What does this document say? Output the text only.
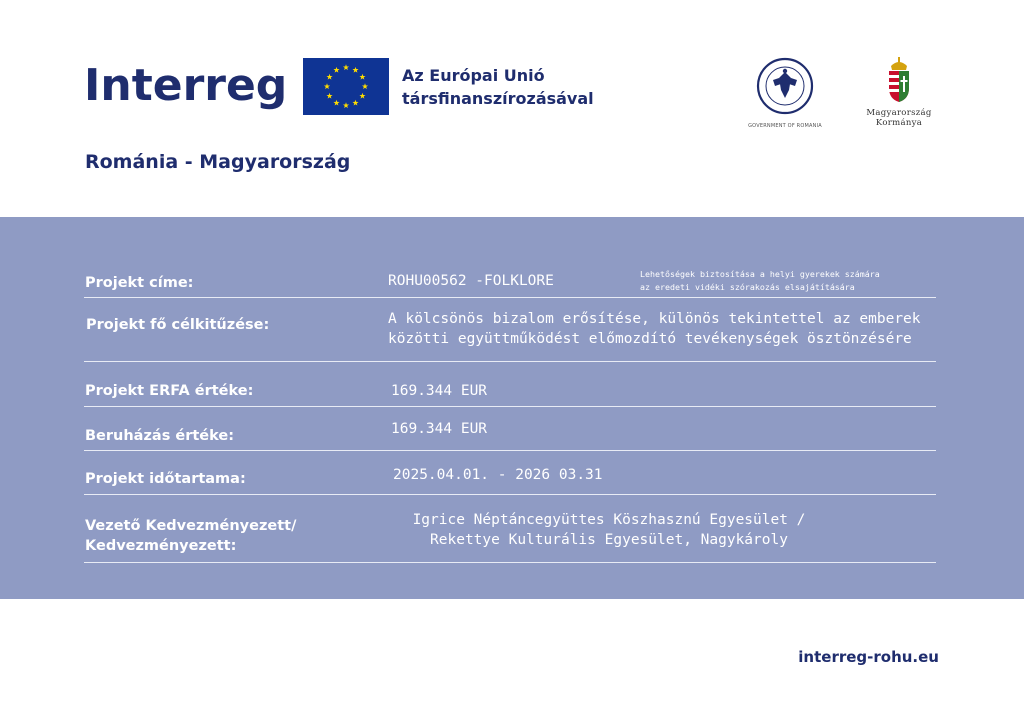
Interreg	Az Európai Unió
társfinanszírozásával
Románia - Magyarország
GOVERNMENT OF ROMANIA
Magyarország
Kormánya
Projekt címe:	ROHU00562 -FOLKLORE	Lehetőségek biztosítása a helyi gyerekek számára
az eredeti vidéki szórakozás elsajátítására
Projekt fő célkitűzése:	A kölcsönös bizalom erősítése, különös tekintettel az emberek
közötti együttműködést előmozdító tevékenységek ösztönzésére
Projekt ERFA értéke:	169.344 EUR
Beruházás értéke:	169.344 EUR
Projekt időtartama:	2025.04.01. - 2026 03.31
Vezető Kedvezményezett/
Kedvezményezett:
Igrice Néptáncegyüttes Köszhasznú Egyesület /
Rekettye Kulturális Egyesület, Nagykároly
interreg-rohu.eu
